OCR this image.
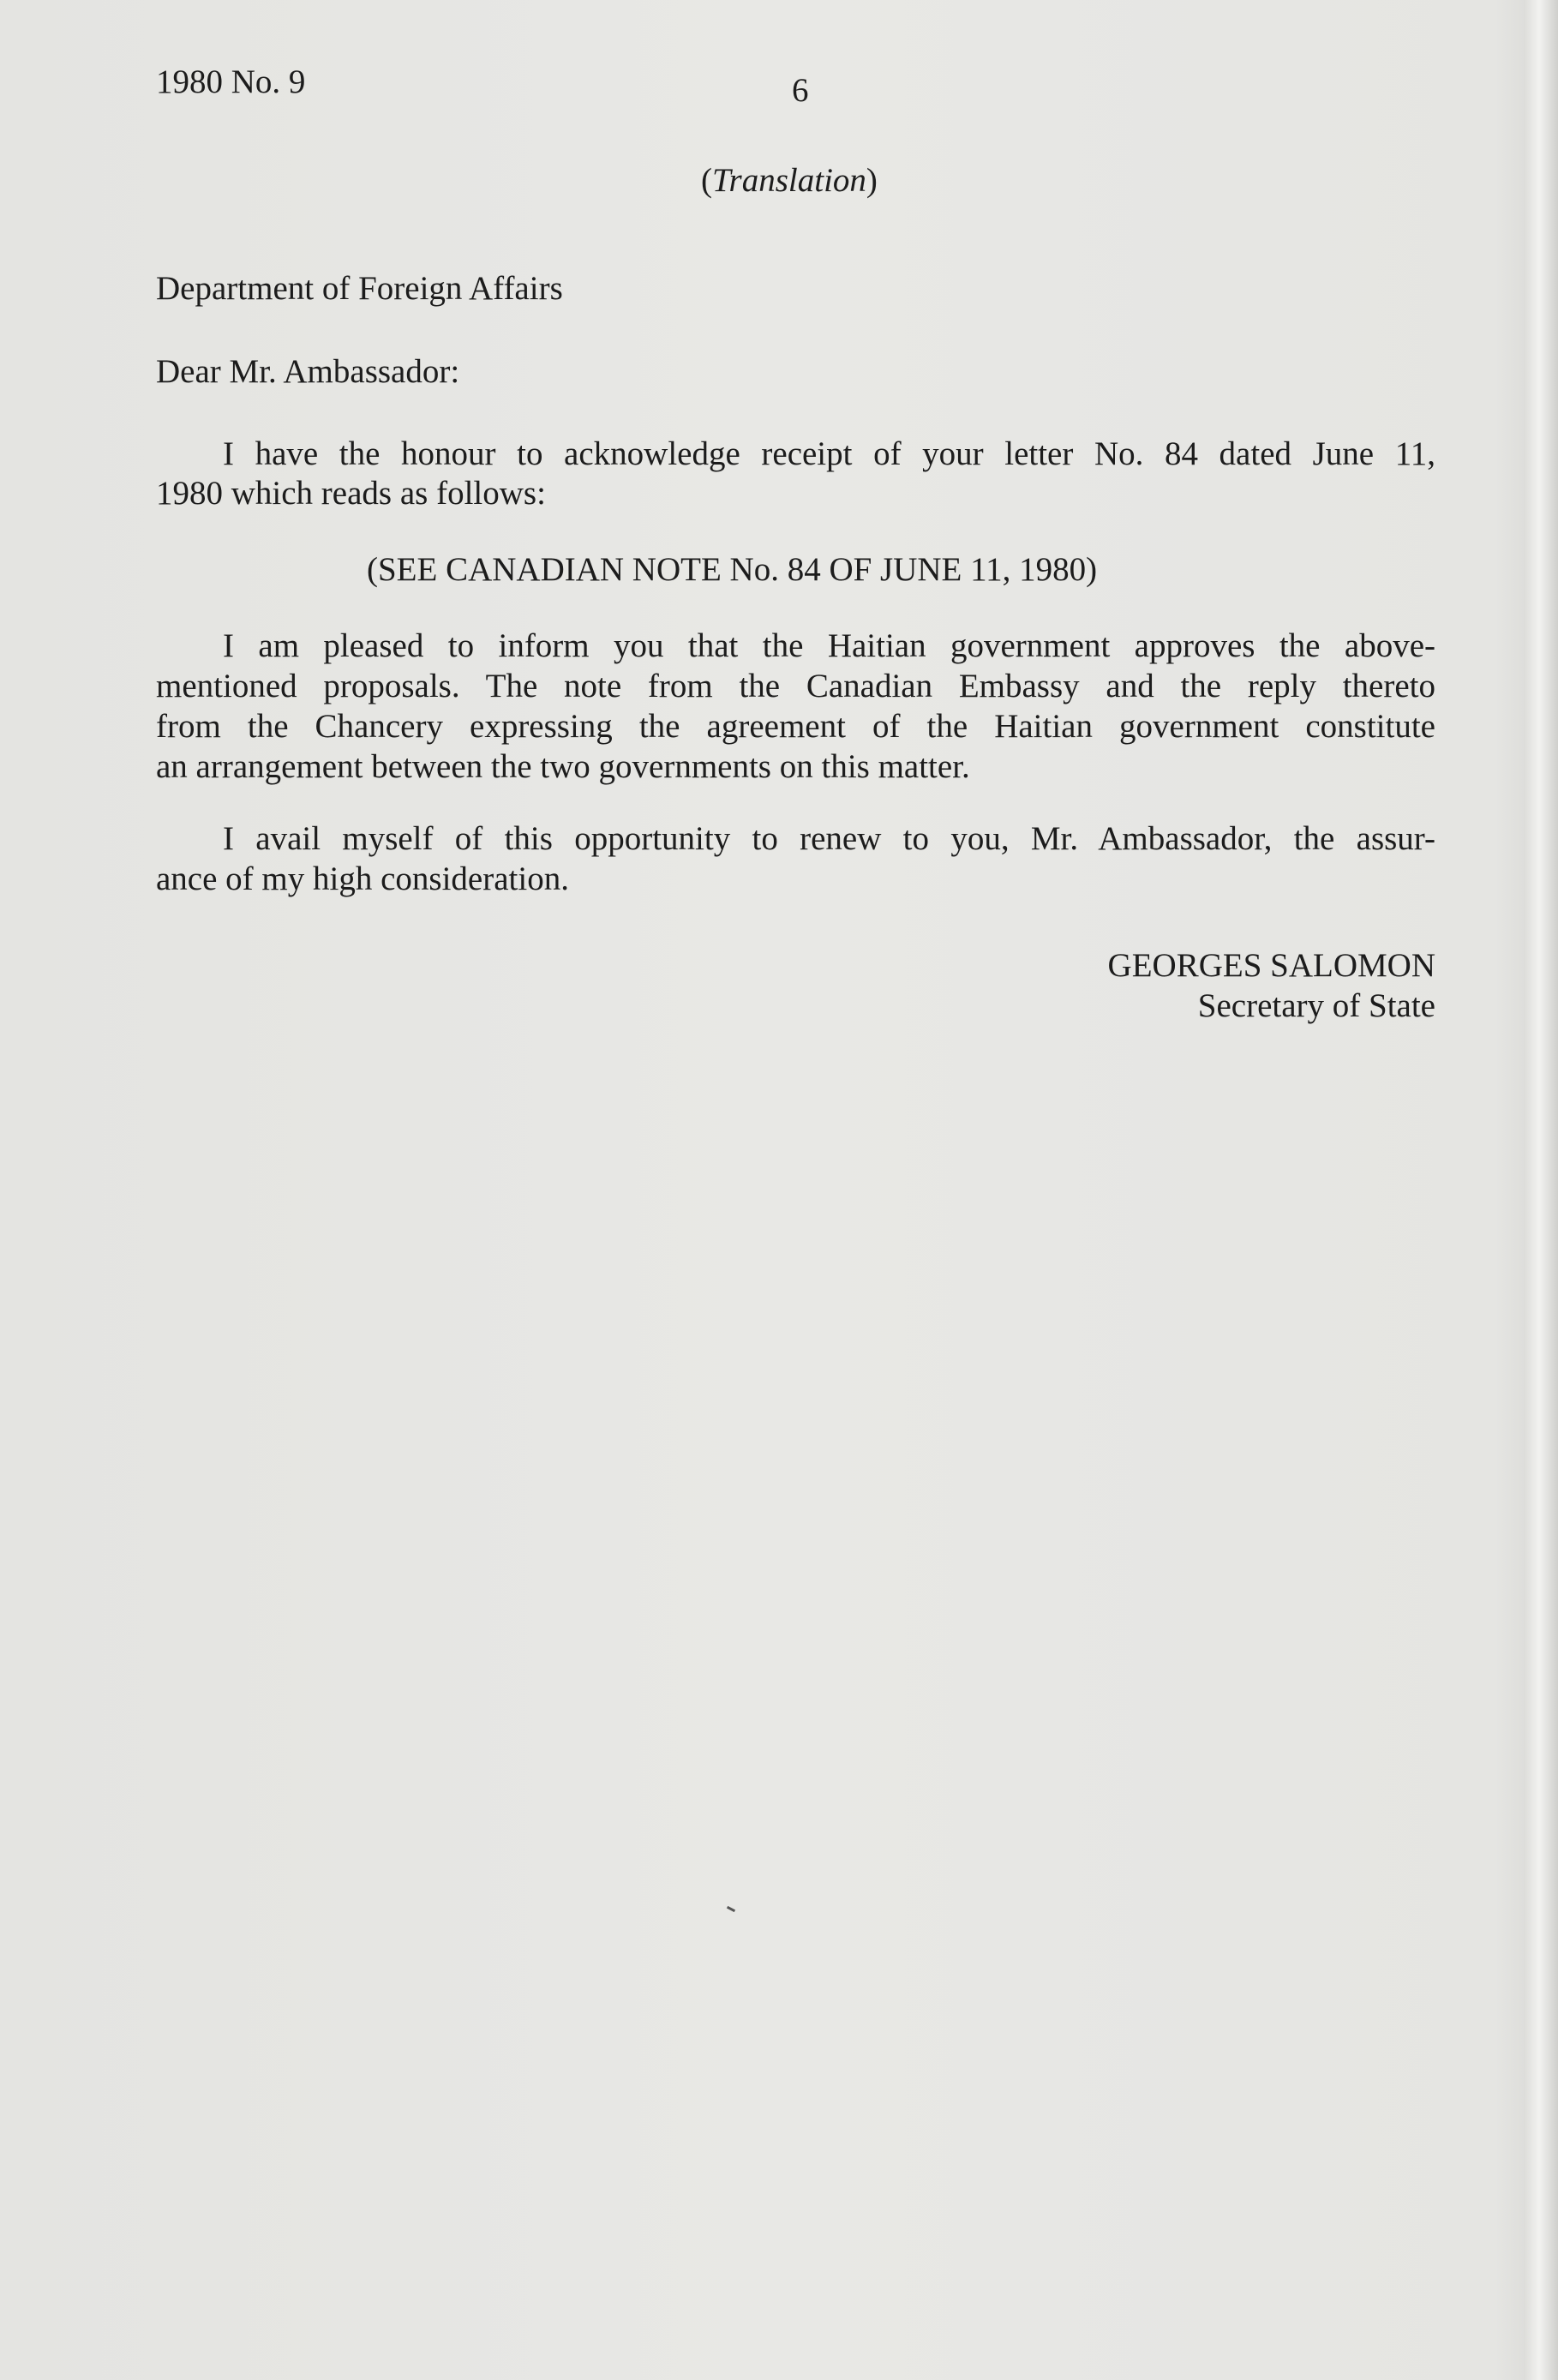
1980 No. 9	6
(Translation)
Department of Foreign Affairs
Dear Mr. Ambassador:
I have the honour to acknowledge receipt of your letter No. 84 dated June 11,
1980 which reads as follows:
(SEE CANADIAN NOTE No. 84 OF JUNE 11, 1980)
I am pleased to inform you that the Haitian government approves the above-
mentioned proposals. The note from the Canadian Embassy and the reply thereto
from the Chancery expressing the agreement of the Haitian government constitute
an arrangement between the two governments on this matter.
I avail myself of this opportunity to renew to you, Mr. Ambassador, the assur-
ance of my high consideration.
GEORGES SALOMON
Secretary of State
